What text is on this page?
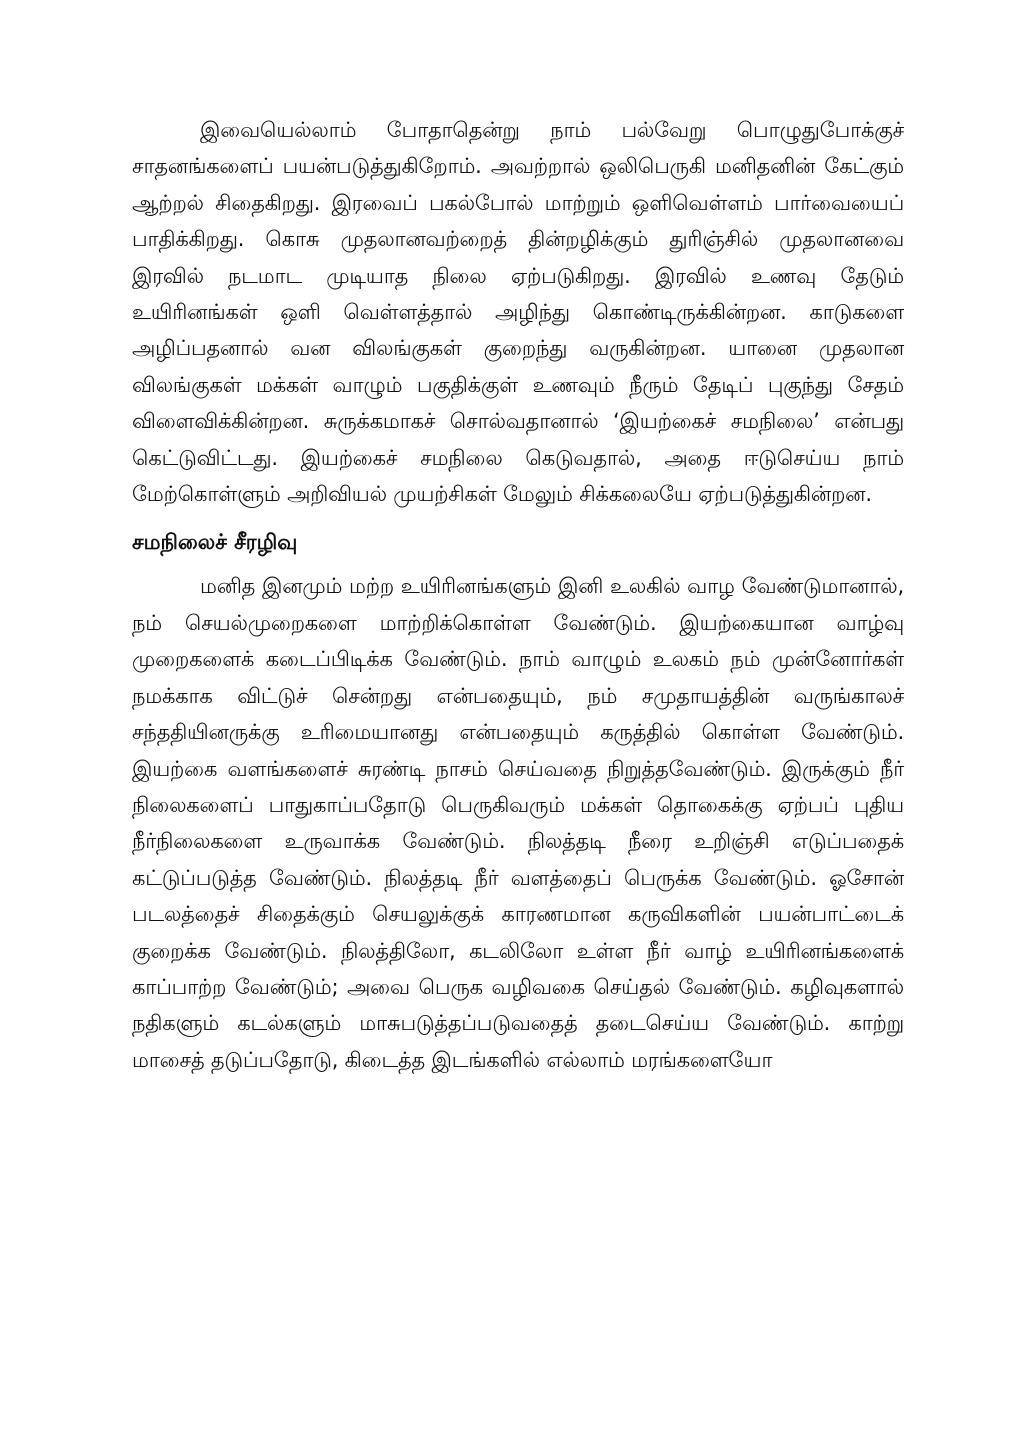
இவையெல்லாம் போதாதென்று நாம் பல்வேறு பொழுதுபோக்குச் சாதனங்களைப் பயன்படுத்துகிறோம். அவற்றால் ஒலிபெருகி மனிதனின் கேட்கும் ஆற்றல் சிதைகிறது. இரவைப் பகல்போல் மாற்றும் ஒளிவெள்ளம் பார்வையைப் பாதிக்கிறது. கொசு முதலானவற்றைத் தின்றழிக்கும் துரிஞ்சில் முதலானவை இரவில் நடமாட முடியாத நிலை ஏற்படுகிறது. இரவில் உணவு தேடும் உயிரினங்கள் ஒளி வெள்ளத்தால் அழிந்து கொண்டிருக்கின்றன. காடுகளை அழிப்பதனால் வன விலங்குகள் குறைந்து வருகின்றன. யானை முதலான விலங்குகள் மக்கள் வாழும் பகுதிக்குள் உணவும் நீரும் தேடிப் புகுந்து சேதம் விளைவிக்கின்றன. சுருக்கமாகச் சொல்வதானால் ‘இயற்கைச் சமநிலை’ என்பது கெட்டுவிட்டது. இயற்கைச் சமநிலை கெடுவதால், அதை ஈடுசெய்ய நாம் மேற்கொள்ளும் அறிவியல் முயற்சிகள் மேலும் சிக்கலையே ஏற்படுத்துகின்றன.

சமநிலைச் சீரழிவு

மனித இனமும் மற்ற உயிரினங்களும் இனி உலகில் வாழ வேண்டுமானால், நம் செயல்முறைகளை மாற்றிக்கொள்ள வேண்டும். இயற்கையான வாழ்வு முறைகளைக் கடைப்பிடிக்க வேண்டும். நாம் வாழும் உலகம் நம் முன்னோர்கள் நமக்காக விட்டுச் சென்றது என்பதையும், நம் சமுதாயத்தின் வருங்காலச் சந்ததியினருக்கு உரிமையானது என்பதையும் கருத்தில் கொள்ள வேண்டும். இயற்கை வளங்களைச் சுரண்டி நாசம் செய்வதை நிறுத்தவேண்டும். இருக்கும் நீர் நிலைகளைப் பாதுகாப்பதோடு பெருகிவரும் மக்கள் தொகைக்கு ஏற்பப் புதிய நீர்நிலைகளை உருவாக்க வேண்டும். நிலத்தடி நீரை உறிஞ்சி எடுப்பதைக் கட்டுப்படுத்த வேண்டும். நிலத்தடி நீர் வளத்தைப் பெருக்க வேண்டும். ஓசோன் படலத்தைச் சிதைக்கும் செயலுக்குக் காரணமான கருவிகளின் பயன்பாட்டைக் குறைக்க வேண்டும். நிலத்திலோ, கடலிலோ உள்ள நீர் வாழ் உயிரினங்களைக் காப்பாற்ற வேண்டும்; அவை பெருக வழிவகை செய்தல் வேண்டும். கழிவுகளால் நதிகளும் கடல்களும் மாசுபடுத்தப்படுவதைத் தடைசெய்ய வேண்டும். காற்று மாசைத் தடுப்பதோடு, கிடைத்த இடங்களில் எல்லாம் மரங்களையோ
